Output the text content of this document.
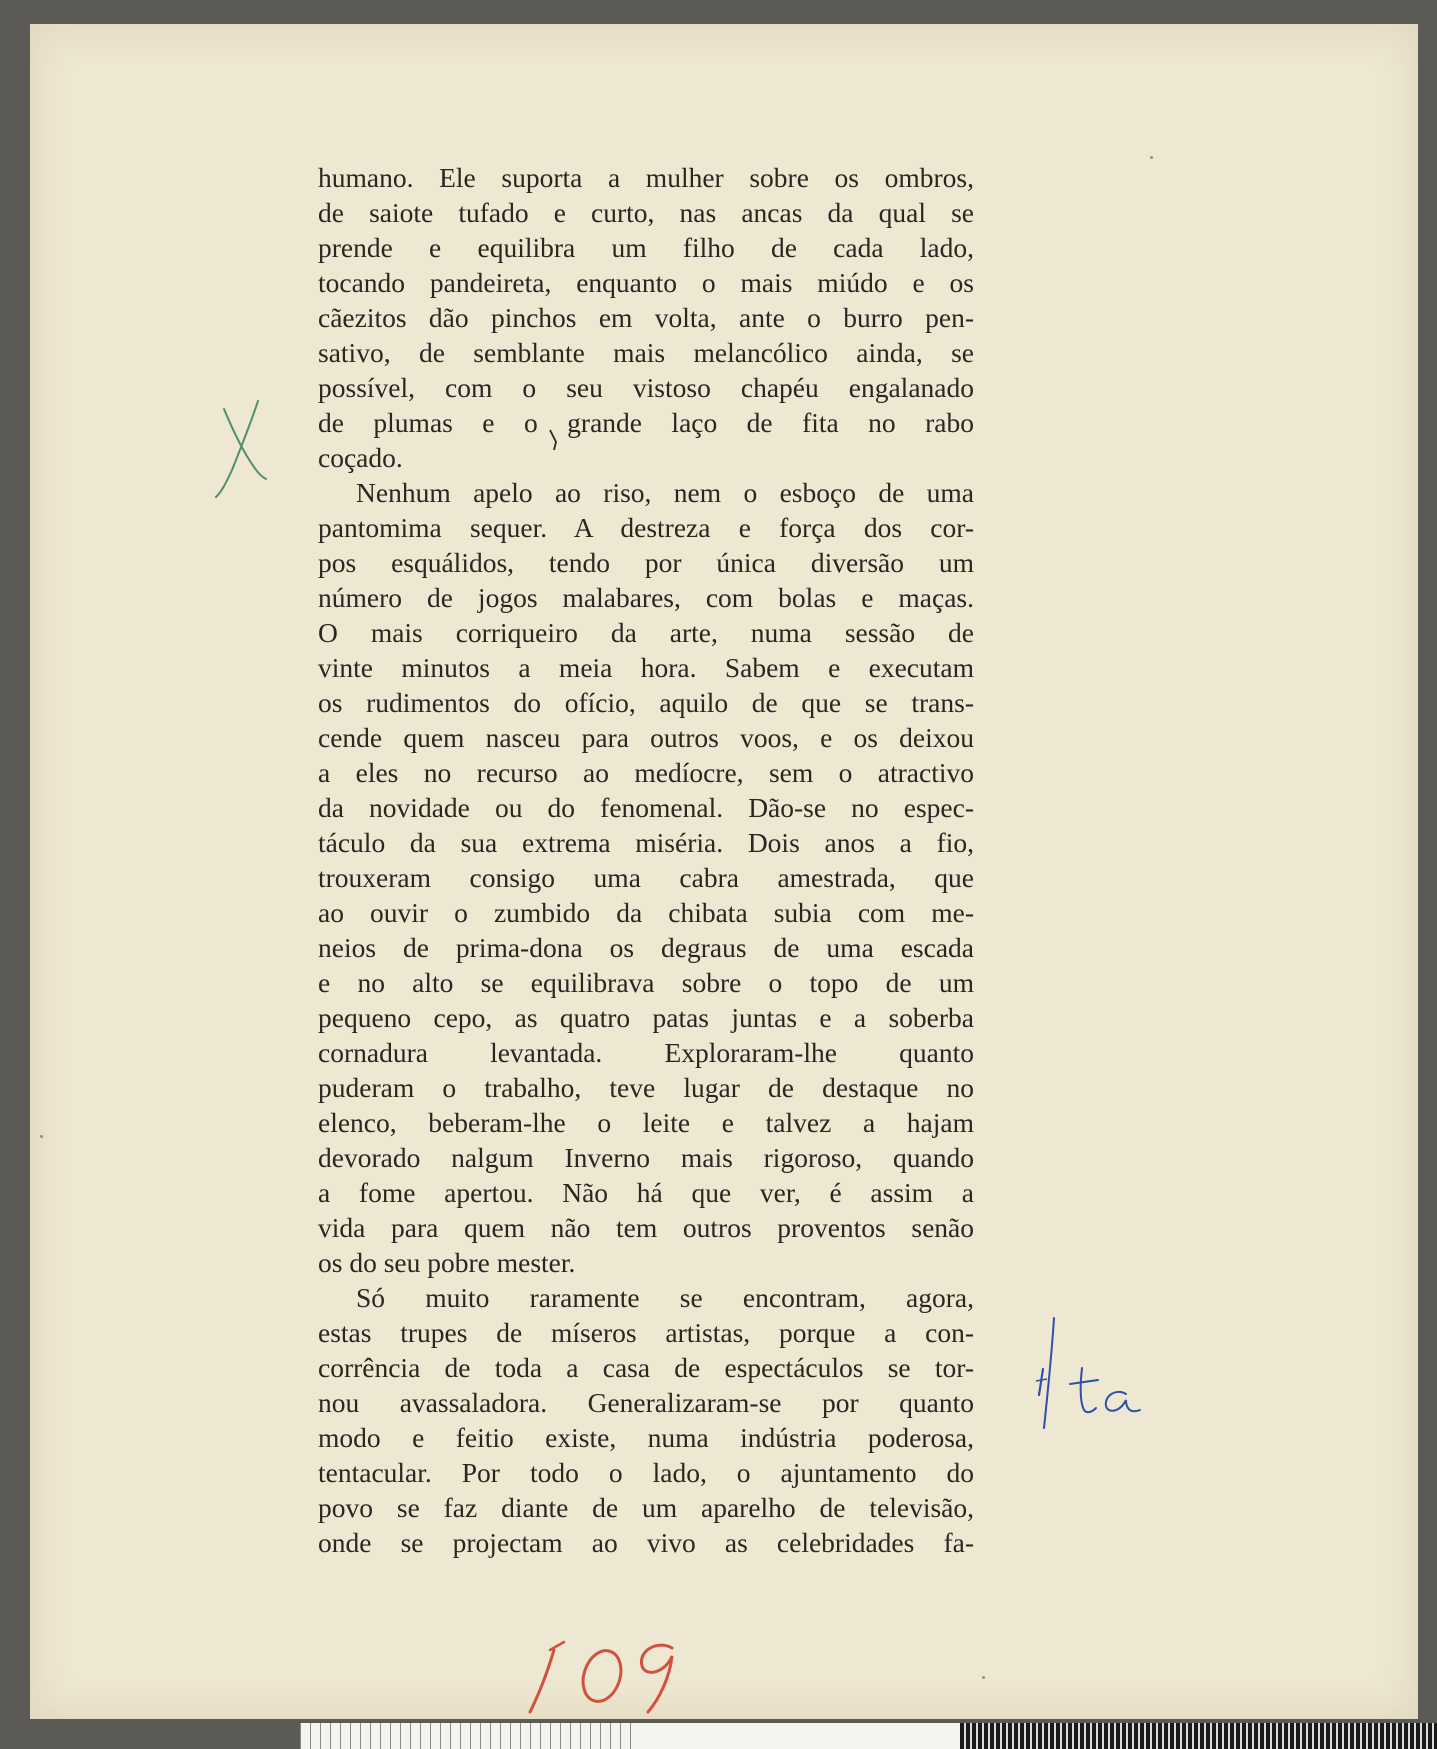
humano. Ele suporta a mulher sobre os ombros,
de saiote tufado e curto, nas ancas da qual se
prende e equilibra um filho de cada lado,
tocando pandeireta, enquanto o mais miúdo e os
cãezitos dão pinchos em volta, ante o burro pen-
sativo, de semblante mais melancólico ainda, se
possível, com o seu vistoso chapéu engalanado
de plumas e o grande laço de fita no rabo
coçado.
Nenhum apelo ao riso, nem o esboço de uma
pantomima sequer. A destreza e força dos cor-
pos esquálidos, tendo por única diversão um
número de jogos malabares, com bolas e maças.
O mais corriqueiro da arte, numa sessão de
vinte minutos a meia hora. Sabem e executam
os rudimentos do ofício, aquilo de que se trans-
cende quem nasceu para outros voos, e os deixou
a eles no recurso ao medíocre, sem o atractivo
da novidade ou do fenomenal. Dão-se no espec-
táculo da sua extrema miséria. Dois anos a fio,
trouxeram consigo uma cabra amestrada, que
ao ouvir o zumbido da chibata subia com me-
neios de prima-dona os degraus de uma escada
e no alto se equilibrava sobre o topo de um
pequeno cepo, as quatro patas juntas e a soberba
cornadura levantada. Exploraram-lhe quanto
puderam o trabalho, teve lugar de destaque no
elenco, beberam-lhe o leite e talvez a hajam
devorado nalgum Inverno mais rigoroso, quando
a fome apertou. Não há que ver, é assim a
vida para quem não tem outros proventos senão
os do seu pobre mester.
Só muito raramente se encontram, agora,
estas trupes de míseros artistas, porque a con-
corrência de toda a casa de espectáculos se tor-
nou avassaladora. Generalizaram-se por quanto
modo e feitio existe, numa indústria poderosa,
tentacular. Por todo o lado, o ajuntamento do
povo se faz diante de um aparelho de televisão,
onde se projectam ao vivo as celebridades fa-
